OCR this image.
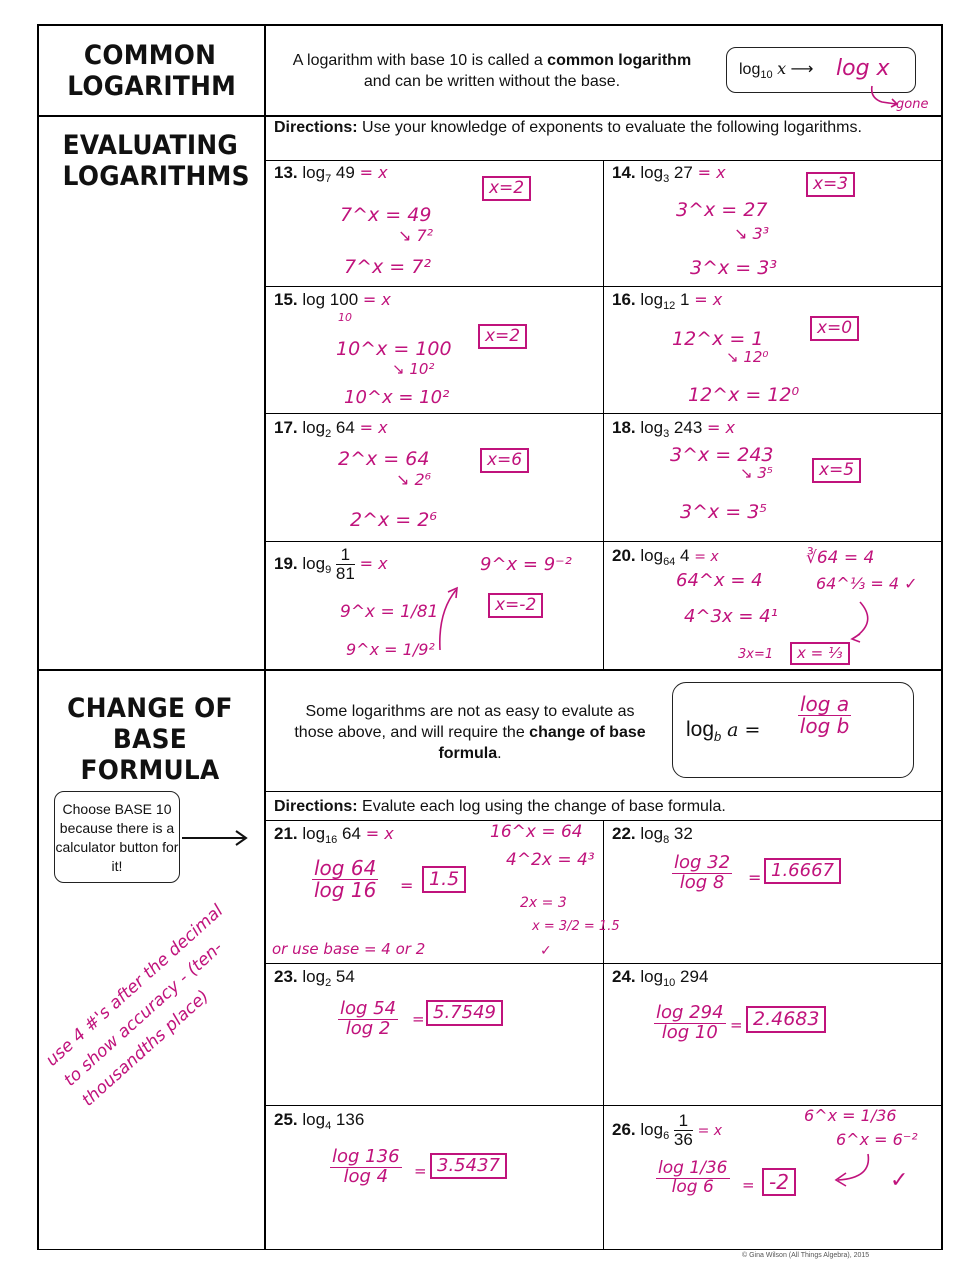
COMMON LOGARITHM
A logarithm with base 10 is called a common logarithm and can be written without the base.
$\log_{10} x$ ⟶ log x
gone
EVALUATING LOGARITHMS
Directions: Use your knowledge of exponents to evaluate the following logarithms.
13. $\log_7 49 = x$
7^x = 49
↘ 7²
7^x = 7²
x=2
14. $\log_3 27 = x$
3^x = 27
↘ 3³
3^x = 3³
x=3
15. log 100 = x
10
10^x = 100
↘ 10²
10^x = 10²
x=2
16. $\log_{12} 1 = x$
12^x = 1
↘ 12⁰
12^x = 12⁰
x=0
17. $\log_2 64 = x$
2^x = 64
↘ 2⁶
2^x = 2⁶
x=6
18. $\log_3 243 = x$
3^x = 243
↘ 3⁵
3^x = 3⁵
x=5
19. $\log_9 \frac{1}{81} = x$
9^x = 1/81
9^x = 1/9²
9^x = 9⁻²
x=-2
20. $\log_{64} 4 = x$
64^x = 4
4^3x = 4¹
∛64 = 4
64^⅓ = 4 ✓
3x=1	x = ⅓
CHANGE OF BASE FORMULA
Some logarithms are not as easy to evalute as those above, and will require the change of base formula.
$\log_b a = \frac{\text{log a}}{\text{log b}}$
Directions: Evalute each log using the change of base formula.
Choose BASE 10 because there is a calculator button for it!
use 4 #'s after the decimal to show accuracy - (ten-thousandths place)
21. $\log_{16} 64 = x$
$\frac{\log 64}{\log 16} = 1.5$
16^x = 64
4^2x = 4³
2x = 3
x = 3/2 = 1.5
or use base = 4 or 2	✓
22. $\log_8 32$
$\frac{\log 32}{\log 8} = 1.6667$
23. $\log_2 54$
$\frac{\log 54}{\log 2} = 5.7549$
24. $\log_{10} 294$
$\frac{\log 294}{\log 10} = 2.4683$
25. $\log_4 136$
$\frac{\log 136}{\log 4} = 3.5437$
26. $\log_6 \frac{1}{36} = x$
$\frac{\log 1/36}{\log 6} = -2$
6^x = 1/36
6^x = 6⁻²
✓
© Gina Wilson (All Things Algebra), 2015
